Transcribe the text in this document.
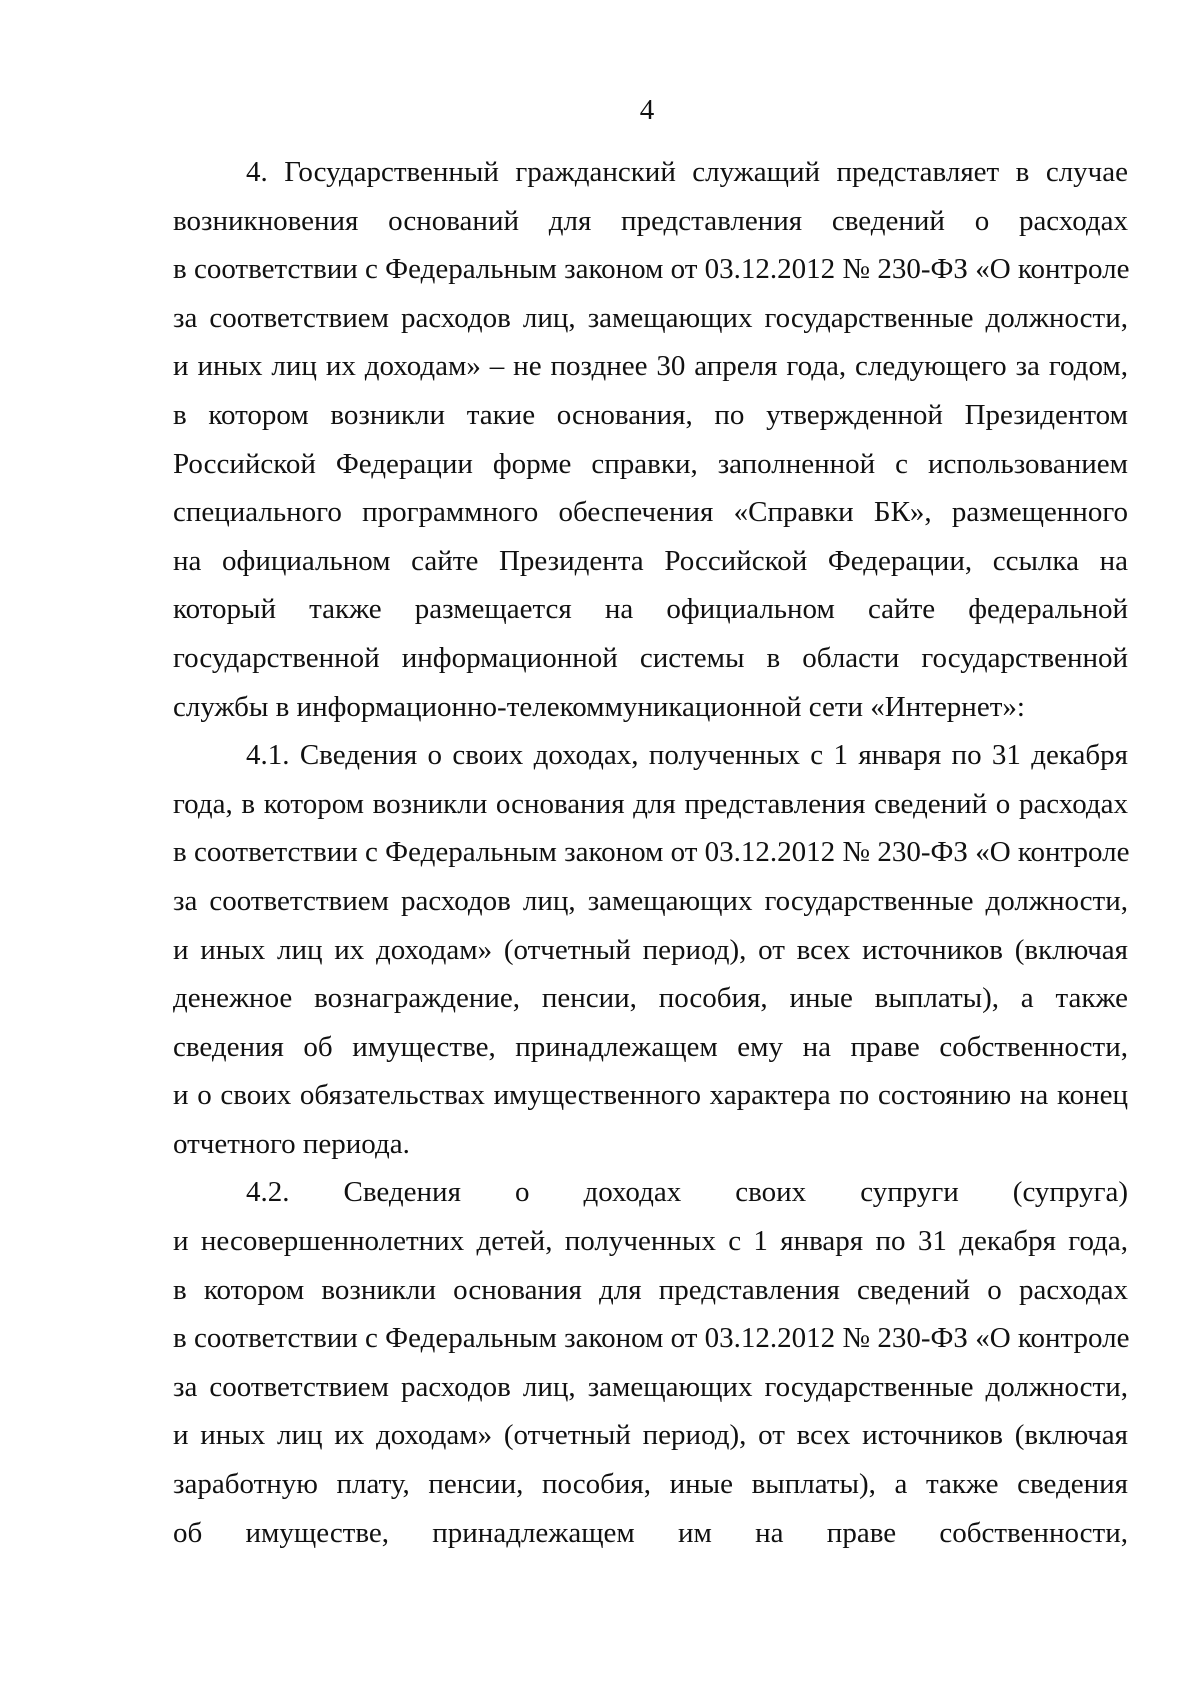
4
4. Государственный гражданский служащий представляет в случае
возникновения оснований для представления сведений о расходах
в соответствии с Федеральным законом от 03.12.2012 № 230-ФЗ «О контроле
за соответствием расходов лиц, замещающих государственные должности,
и иных лиц их доходам» – не позднее 30 апреля года, следующего за годом,
в котором возникли такие основания, по утвержденной Президентом
Российской Федерации форме справки, заполненной с использованием
специального программного обеспечения «Справки БК», размещенного
на официальном сайте Президента Российской Федерации, ссылка на
который также размещается на официальном сайте федеральной
государственной информационной системы в области государственной
службы в информационно-телекоммуникационной сети «Интернет»:
4.1. Сведения о своих доходах, полученных с 1 января по 31 декабря
года, в котором возникли основания для представления сведений о расходах
в соответствии с Федеральным законом от 03.12.2012 № 230-ФЗ «О контроле
за соответствием расходов лиц, замещающих государственные должности,
и иных лиц их доходам» (отчетный период), от всех источников (включая
денежное вознаграждение, пенсии, пособия, иные выплаты), а также
сведения об имуществе, принадлежащем ему на праве собственности,
и о своих обязательствах имущественного характера по состоянию на конец
отчетного периода.
4.2. Сведения о доходах своих супруги (супруга)
и несовершеннолетних детей, полученных с 1 января по 31 декабря года,
в котором возникли основания для представления сведений о расходах
в соответствии с Федеральным законом от 03.12.2012 № 230-ФЗ «О контроле
за соответствием расходов лиц, замещающих государственные должности,
и иных лиц их доходам» (отчетный период), от всех источников (включая
заработную плату, пенсии, пособия, иные выплаты), а также сведения
об имуществе, принадлежащем им на праве собственности,
